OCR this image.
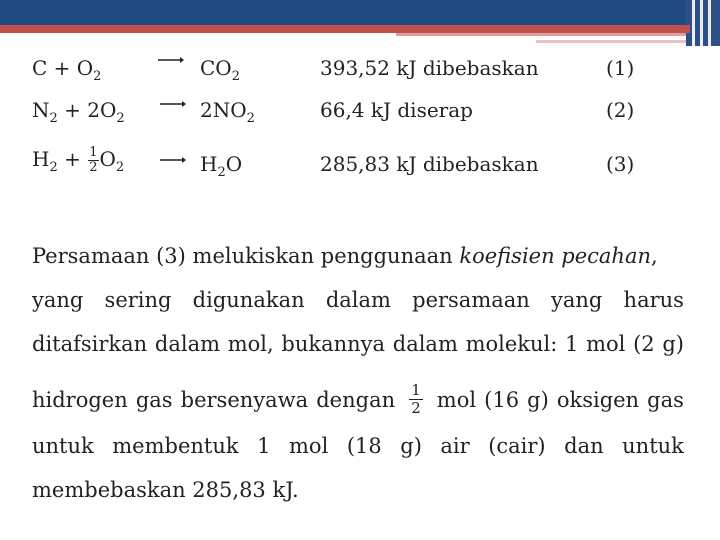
$C + O_2 \to CO_2$	393,52 kJ dibebaskan	(1)
$N_2 + 2O_2 \to 2NO_2$	66,4 kJ diserap	(2)
$H_2 + \frac{1}{2} O_2 \to H_2O$	285,83 kJ dibebaskan	(3)
Persamaan (3) melukiskan penggunaan koefisien pecahan,
yang sering digunakan dalam persamaan yang harus
ditafsirkan dalam mol, bukannya dalam molekul: 1 mol (2 g)
hidrogen gas bersenyawa dengan 1
2 mol (16 g) oksigen gas
untuk membentuk 1 mol (18 g) air (cair) dan untuk
membebaskan 285,83 kJ.
